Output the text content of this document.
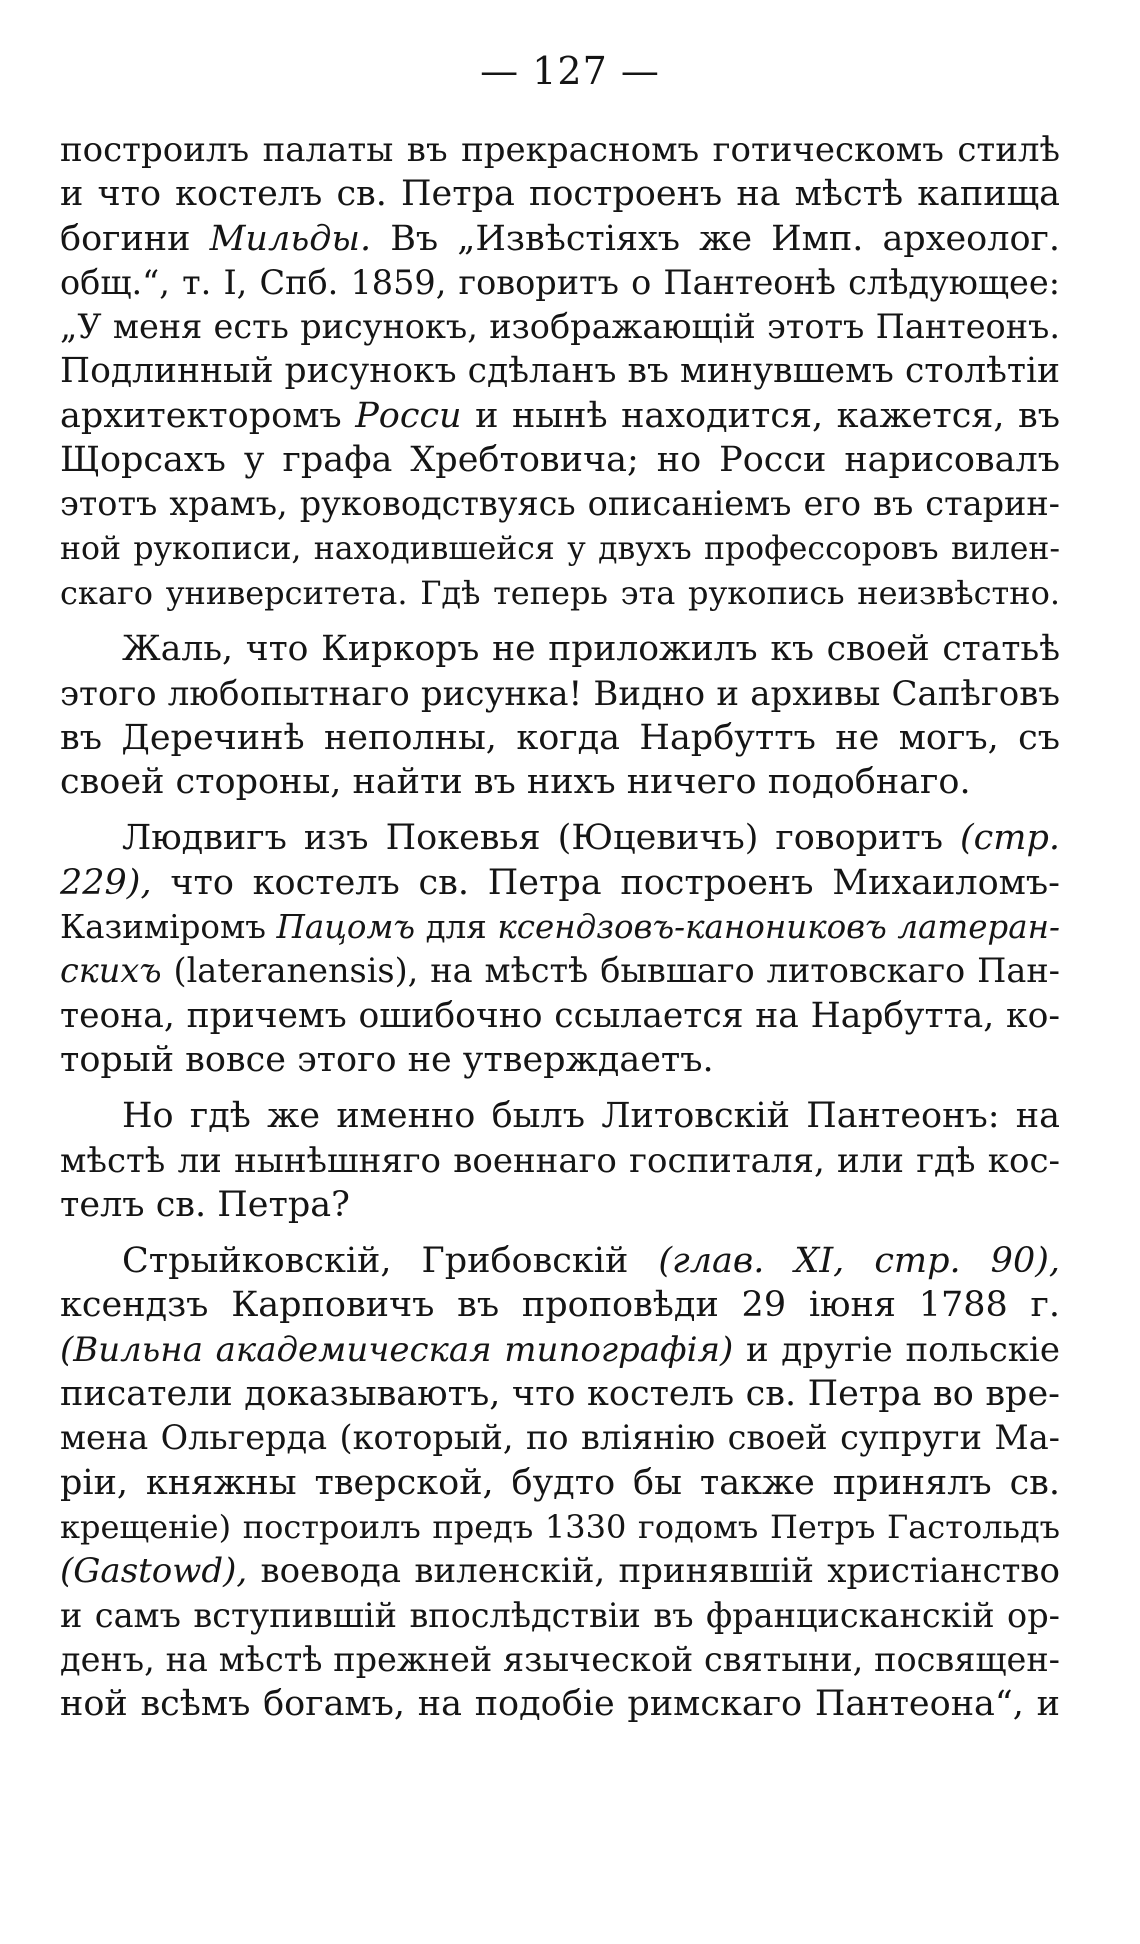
— 127 —
построилъ палаты въ прекрасномъ готическомъ стилѣ
и что костелъ св. Петра построенъ на мѣстѣ капища
богини Мильды. Въ „Извѣстіяхъ же Имп. археолог.
общ.“, т. I, Спб. 1859, говоритъ о Пантеонѣ слѣдующее:
„У меня есть рисунокъ, изображающій этотъ Пантеонъ.
Подлинный рисунокъ сдѣланъ въ минувшемъ столѣтіи
архитекторомъ Росси и нынѣ находится, кажется, въ
Щорсахъ у графа Хребтовича; но Росси нарисовалъ
этотъ храмъ, руководствуясь описаніемъ его въ старин-
ной рукописи, находившейся у двухъ профессоровъ вилен-
скаго университета. Гдѣ теперь эта рукопись неизвѣстно.
Жаль, что Киркоръ не приложилъ къ своей статьѣ
этого любопытнаго рисунка! Видно и архивы Сапѣговъ
въ Деречинѣ неполны, когда Нарбуттъ не могъ, съ
своей стороны, найти въ нихъ ничего подобнаго.
Людвигъ изъ Покевья (Юцевичъ) говоритъ (стр.
229), что костелъ св. Петра построенъ Михаиломъ-
Казиміромъ Пацомъ для ксендзовъ-канониковъ латеран-
скихъ (lateranensis), на мѣстѣ бывшаго литовскаго Пан-
теона, причемъ ошибочно ссылается на Нарбутта, ко-
торый вовсе этого не утверждаетъ.
Но гдѣ же именно былъ Литовскій Пантеонъ: на
мѣстѣ ли нынѣшняго военнаго госпиталя, или гдѣ кос-
телъ св. Петра?
Стрыйковскій, Грибовскій (глав. XI, стр. 90),
ксендзъ Карповичъ въ проповѣди 29 іюня 1788 г.
(Вильна академическая типографія) и другіе польскіе
писатели доказываютъ, что костелъ св. Петра во вре-
мена Ольгерда (который, по вліянію своей супруги Ма-
ріи, княжны тверской, будто бы также принялъ св.
крещеніе) построилъ предъ 1330 годомъ Петръ Гастольдъ
(Gastowd), воевода виленскій, принявшій христіанство
и самъ вступившій впослѣдствіи въ францисканскій ор-
денъ, на мѣстѣ прежней языческой святыни, посвящен-
ной всѣмъ богамъ, на подобіе римскаго Пантеона“, и
